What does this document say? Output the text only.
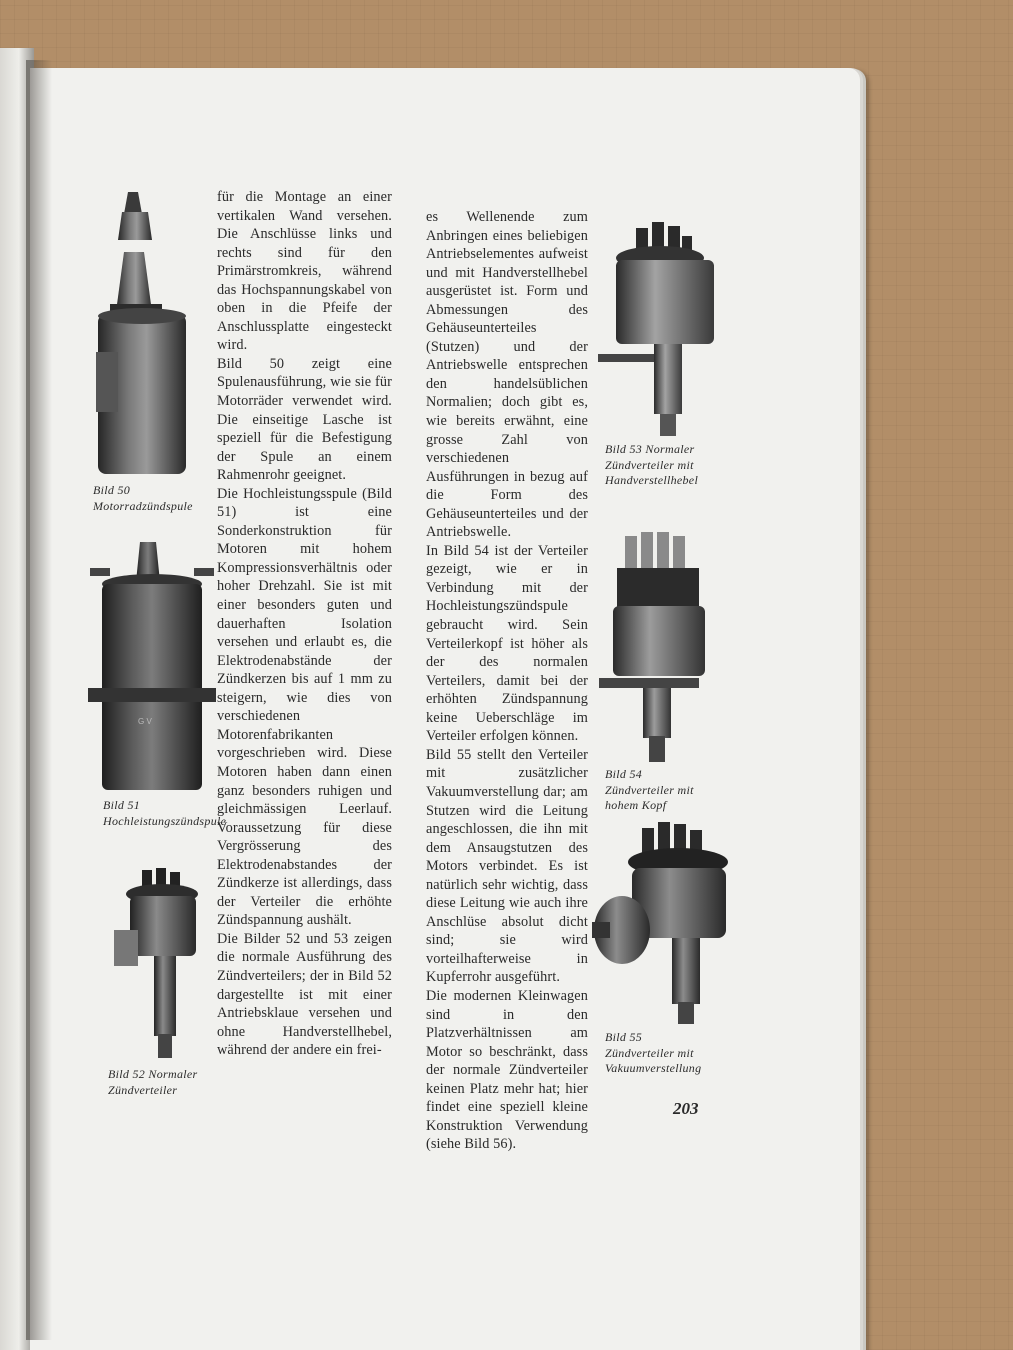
Bild 50 Motorradzündspule
G V
Bild 51 Hochleistungszündspule
Bild 52 Normaler Zündverteiler
Bild 53 Normaler Zündverteiler mit Handverstellhebel
Bild 54 Zündverteiler mit hohem Kopf
Bild 55 Zündverteiler mit Vakuumverstellung

für die Montage an einer vertikalen Wand versehen. Die Anschlüsse links und rechts sind für den Primärstromkreis, während das Hochspannungskabel von oben in die Pfeife der Anschlussplatte eingesteckt wird.

Bild 50 zeigt eine Spulenausführung, wie sie für Motorräder verwendet wird. Die einseitige Lasche ist speziell für die Befestigung der Spule an einem Rahmenrohr geeignet.

Die Hochleistungsspule (Bild 51) ist eine Sonderkonstruktion für Motoren mit hohem Kompressionsverhältnis oder hoher Drehzahl. Sie ist mit einer besonders guten und dauerhaften Isolation versehen und erlaubt es, die Elektrodenabstände der Zündkerzen bis auf 1 mm zu steigern, wie dies von verschiedenen Motorenfabrikanten vorgeschrieben wird. Diese Motoren haben dann einen ganz besonders ruhigen und gleichmässigen Leerlauf. Voraussetzung für diese Vergrösserung des Elektrodenabstandes der Zündkerze ist allerdings, dass der Verteiler die erhöhte Zündspannung aushält.

Die Bilder 52 und 53 zeigen die normale Ausführung des Zündverteilers; der in Bild 52 dargestellte ist mit einer Antriebsklaue versehen und ohne Handverstellhebel, während der andere ein frei-

es Wellenende zum Anbringen eines beliebigen Antriebselementes aufweist und mit Handverstellhebel ausgerüstet ist. Form und Abmessungen des Gehäuseunterteiles (Stutzen) und der Antriebswelle entsprechen den handelsüblichen Normalien; doch gibt es, wie bereits erwähnt, eine grosse Zahl von verschiedenen Ausführungen in bezug auf die Form des Gehäuseunterteiles und der Antriebswelle.

In Bild 54 ist der Verteiler gezeigt, wie er in Verbindung mit der Hochleistungszündspule gebraucht wird. Sein Verteilerkopf ist höher als der des normalen Verteilers, damit bei der erhöhten Zündspannung keine Ueberschläge im Verteiler erfolgen können.

Bild 55 stellt den Verteiler mit zusätzlicher Vakuumverstellung dar; am Stutzen wird die Leitung angeschlossen, die ihn mit dem Ansaugstutzen des Motors verbindet. Es ist natürlich sehr wichtig, dass diese Leitung wie auch ihre Anschlüse absolut dicht sind; sie wird vorteilhafterweise in Kupferrohr ausgeführt.

Die modernen Kleinwagen sind in den Platzverhältnissen am Motor so beschränkt, dass der normale Zündverteiler keinen Platz mehr hat; hier findet eine speziell kleine Konstruktion Verwendung (siehe Bild 56).

203
